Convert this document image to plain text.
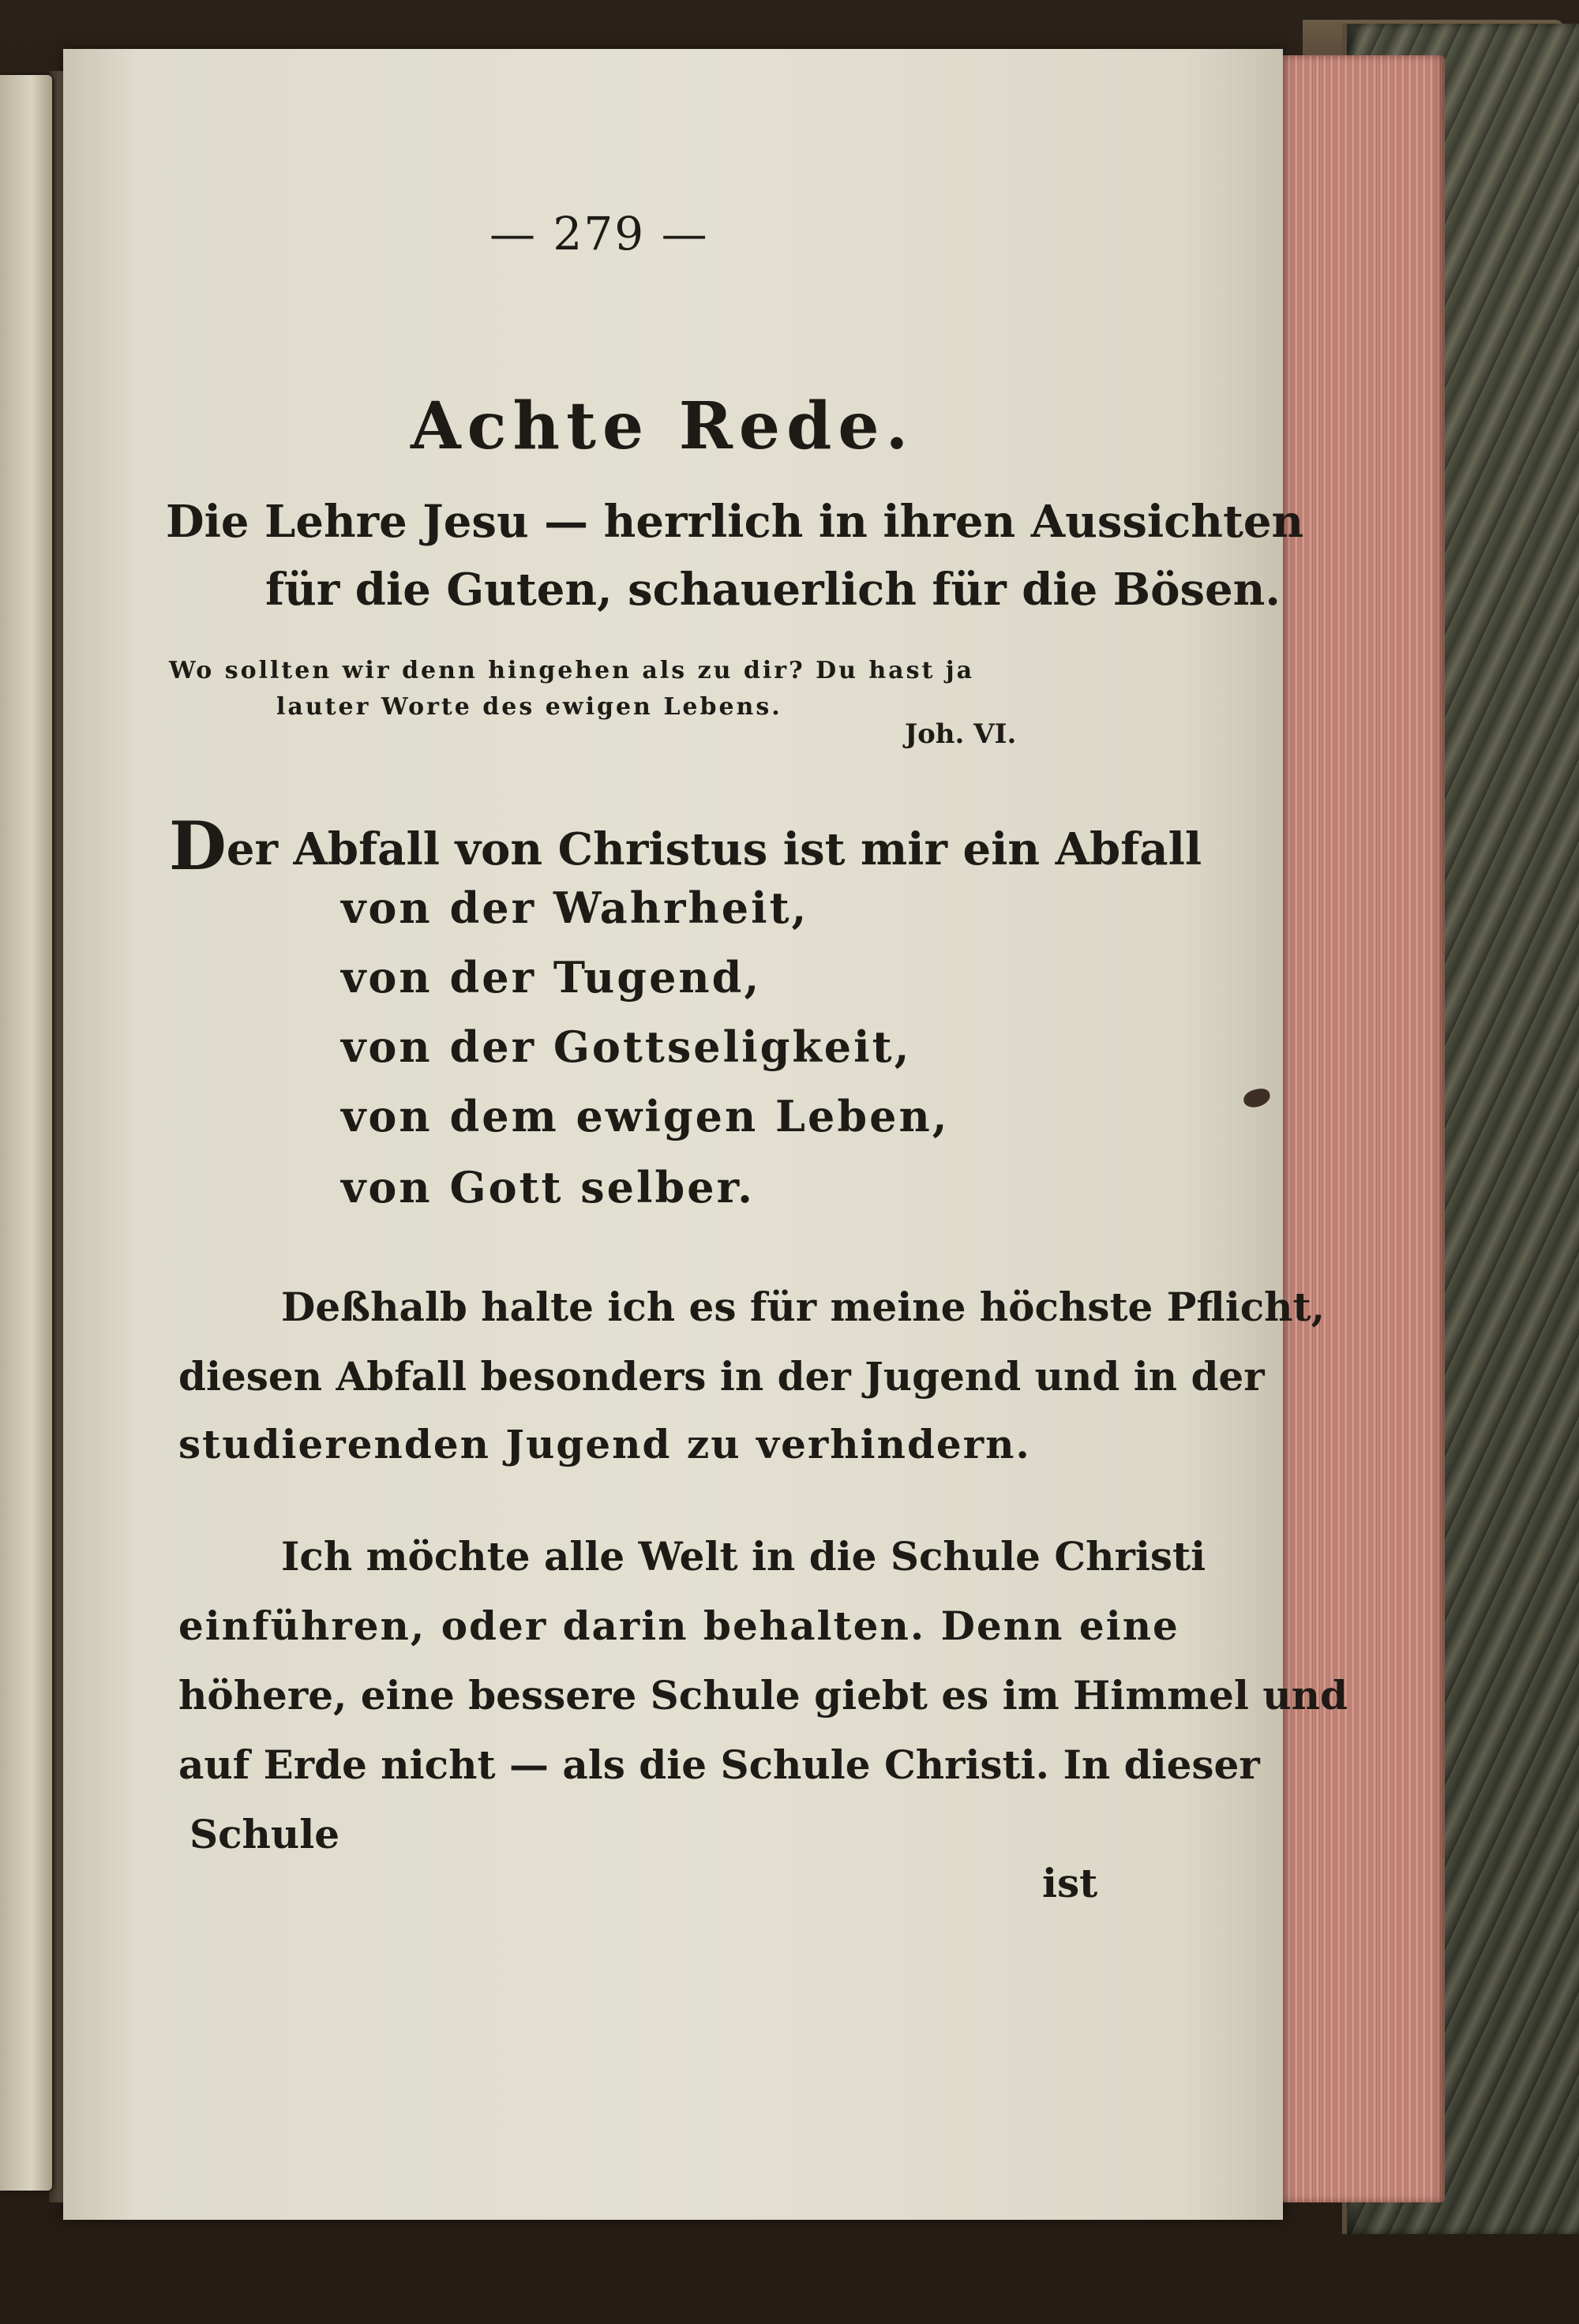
— 279 —

Achte Rede.

Die Lehre Jesu — herrlich in ihren Aussichten

für die Guten, schauerlich für die Bösen.

Wo sollten wir denn hingehen als zu dir? Du hast ja

lauter Worte des ewigen Lebens.

Joh. VI.

Der Abfall von Christus ist mir ein Abfall

von der Wahrheit,

von der Tugend,

von der Gottseligkeit,

von dem ewigen Leben,

von Gott selber.

Deßhalb halte ich es für meine höchste Pflicht,

diesen Abfall besonders in der Jugend und in der

studierenden Jugend zu verhindern.

Ich möchte alle Welt in die Schule Christi

einführen, oder darin behalten. Denn eine

höhere, eine bessere Schule giebt es im Himmel und

auf Erde nicht — als die Schule Christi. In dieser

Schule

ist
